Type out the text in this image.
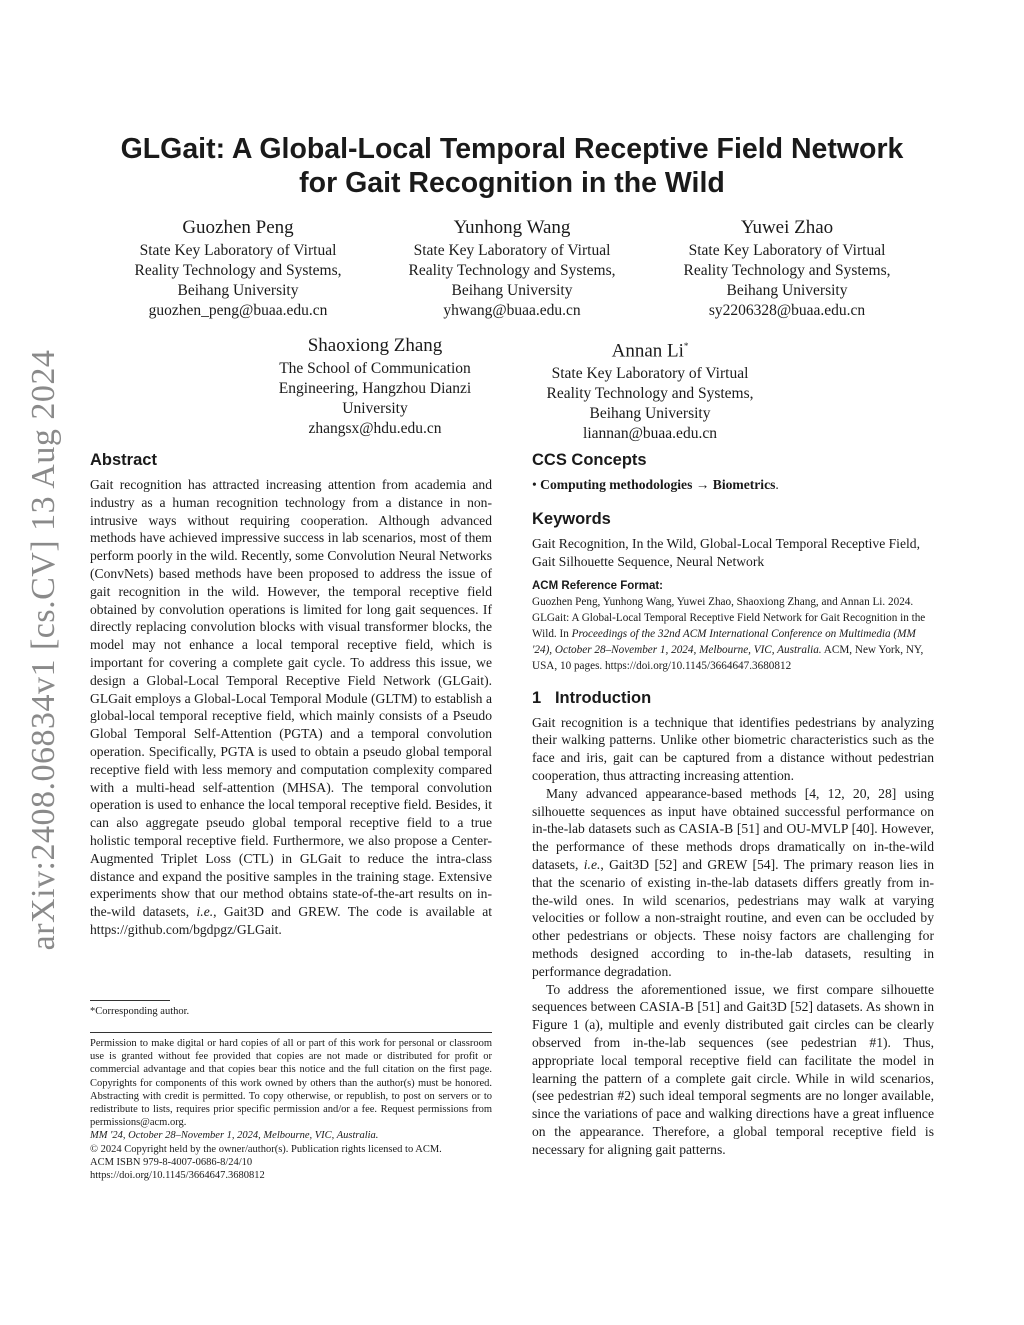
arXiv:2408.06834v1 [cs.CV] 13 Aug 2024
GLGait: A Global-Local Temporal Receptive Field Network
for Gait Recognition in the Wild
Guozhen Peng
State Key Laboratory of Virtual
Reality Technology and Systems,
Beihang University
guozhen_peng@buaa.edu.cn
Yunhong Wang
State Key Laboratory of Virtual
Reality Technology and Systems,
Beihang University
yhwang@buaa.edu.cn
Yuwei Zhao
State Key Laboratory of Virtual
Reality Technology and Systems,
Beihang University
sy2206328@buaa.edu.cn
Shaoxiong Zhang
The School of Communication
Engineering, Hangzhou Dianzi
University
zhangsx@hdu.edu.cn
Annan Li*
State Key Laboratory of Virtual
Reality Technology and Systems,
Beihang University
liannan@buaa.edu.cn
Abstract

Gait recognition has attracted increasing attention from academia and industry as a human recognition technology from a distance in non-intrusive ways without requiring cooperation. Although advanced methods have achieved impressive success in lab scenarios, most of them perform poorly in the wild. Recently, some Convolution Neural Networks (ConvNets) based methods have been proposed to address the issue of gait recognition in the wild. However, the temporal receptive field obtained by convolution operations is limited for long gait sequences. If directly replacing convolution blocks with visual transformer blocks, the model may not enhance a local temporal receptive field, which is important for covering a complete gait cycle. To address this issue, we design a Global-Local Temporal Receptive Field Network (GLGait). GLGait employs a Global-Local Temporal Module (GLTM) to establish a global-local temporal receptive field, which mainly consists of a Pseudo Global Temporal Self-Attention (PGTA) and a temporal convolution operation. Specifically, PGTA is used to obtain a pseudo global temporal receptive field with less memory and computation complexity compared with a multi-head self-attention (MHSA). The temporal convolution operation is used to enhance the local temporal receptive field. Besides, it can also aggregate pseudo global temporal receptive field to a true holistic temporal receptive field. Furthermore, we also propose a Center-Augmented Triplet Loss (CTL) in GLGait to reduce the intra-class distance and expand the positive samples in the training stage. Extensive experiments show that our method obtains state-of-the-art results on in-the-wild datasets, i.e., Gait3D and GREW. The code is available at https://github.com/bgdpgz/GLGait.

*Corresponding author.

Permission to make digital or hard copies of all or part of this work for personal or classroom use is granted without fee provided that copies are not made or distributed for profit or commercial advantage and that copies bear this notice and the full citation on the first page. Copyrights for components of this work owned by others than the author(s) must be honored. Abstracting with credit is permitted. To copy otherwise, or republish, to post on servers or to redistribute to lists, requires prior specific permission and/or a fee. Request permissions from permissions@acm.org.

MM '24, October 28–November 1, 2024, Melbourne, VIC, Australia.

© 2024 Copyright held by the owner/author(s). Publication rights licensed to ACM.

ACM ISBN 979-8-4007-0686-8/24/10

https://doi.org/10.1145/3664647.3680812

CCS Concepts

• Computing methodologies → Biometrics.

Keywords

Gait Recognition, In the Wild, Global-Local Temporal Receptive Field, Gait Silhouette Sequence, Neural Network

ACM Reference Format:

Guozhen Peng, Yunhong Wang, Yuwei Zhao, Shaoxiong Zhang, and Annan Li. 2024. GLGait: A Global-Local Temporal Receptive Field Network for Gait Recognition in the Wild. In Proceedings of the 32nd ACM International Conference on Multimedia (MM '24), October 28–November 1, 2024, Melbourne, VIC, Australia. ACM, New York, NY, USA, 10 pages. https://doi.org/10.1145/3664647.3680812

1 Introduction

Gait recognition is a technique that identifies pedestrians by analyzing their walking patterns. Unlike other biometric characteristics such as the face and iris, gait can be captured from a distance without pedestrian cooperation, thus attracting increasing attention.

Many advanced appearance-based methods [4, 12, 20, 28] using silhouette sequences as input have obtained successful performance on in-the-lab datasets such as CASIA-B [51] and OU-MVLP [40]. However, the performance of these methods drops dramatically on in-the-wild datasets, i.e., Gait3D [52] and GREW [54]. The primary reason lies in that the scenario of existing in-the-lab datasets differs greatly from in-the-wild ones. In wild scenarios, pedestrians may walk at varying velocities or follow a non-straight routine, and even can be occluded by other pedestrians or objects. These noisy factors are challenging for methods designed according to in-the-lab datasets, resulting in performance degradation.

To address the aforementioned issue, we first compare silhouette sequences between CASIA-B [51] and Gait3D [52] datasets. As shown in Figure 1 (a), multiple and evenly distributed gait circles can be clearly observed from in-the-lab sequences (see pedestrian #1). Thus, appropriate local temporal receptive field can facilitate the model in learning the pattern of a complete gait circle. While in wild scenarios, (see pedestrian #2) such ideal temporal segments are no longer available, since the variations of pace and walking directions have a great influence on the appearance. Therefore, a global temporal receptive field is necessary for aligning gait patterns.
